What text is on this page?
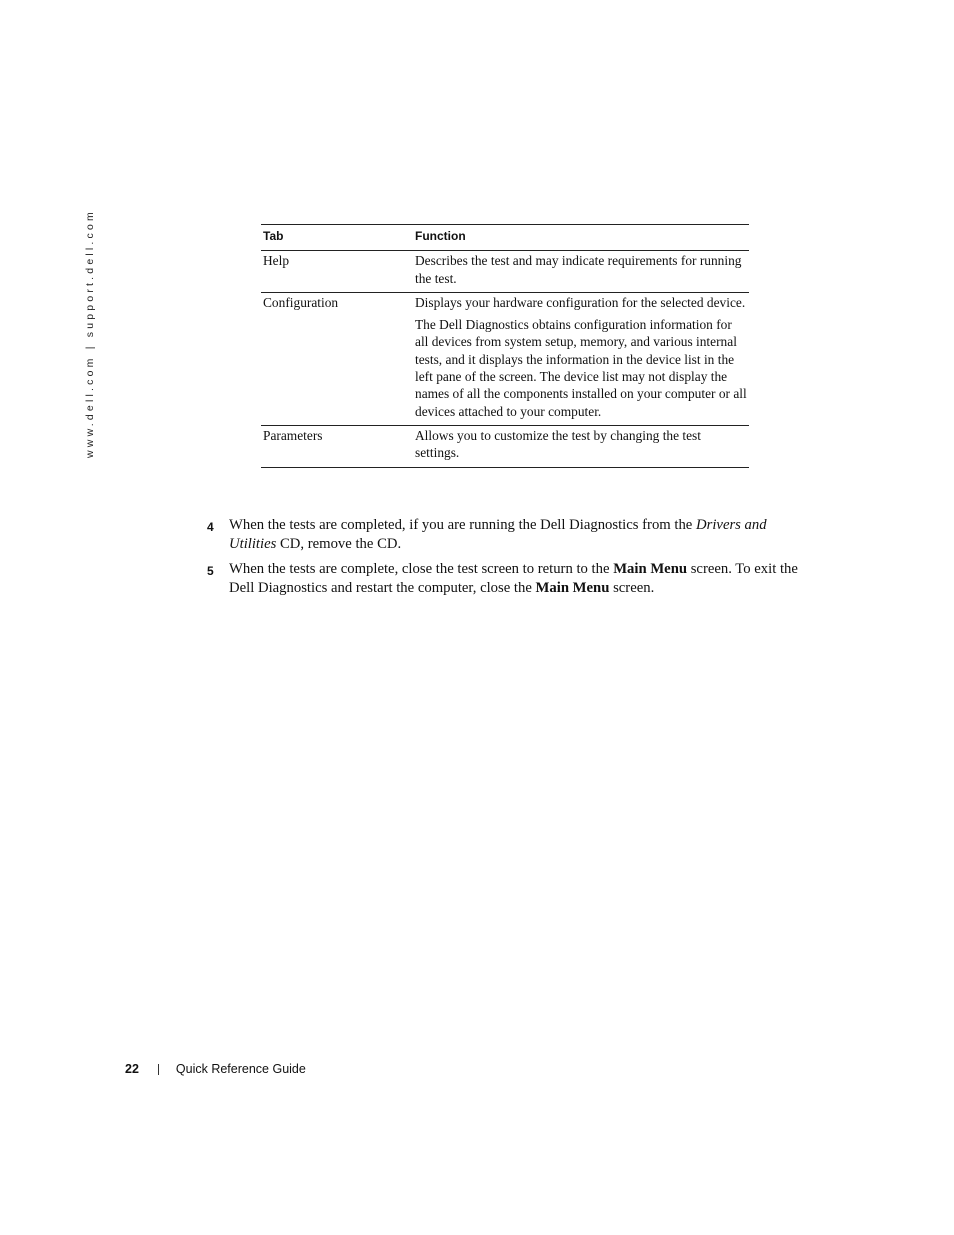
www.dell.com | support.dell.com	Tab	Function
Help	Describes the test and may indicate requirements for running the test.

Configuration	Displays your hardware configuration for the selected device.

The Dell Diagnostics obtains configuration information for all devices from system setup, memory, and various internal tests, and it displays the information in the device list in the left pane of the screen. The device list may not display the names of all the components installed on your computer or all devices attached to your computer.

Parameters	Allows you to customize the test by changing the test settings.

4	When the tests are completed, if you are running the Dell Diagnostics from the Drivers and Utilities CD, remove the CD.
5	When the tests are complete, close the test screen to return to the Main Menu screen. To exit the Dell Diagnostics and restart the computer, close the Main Menu screen.
22	Quick Reference Guide
